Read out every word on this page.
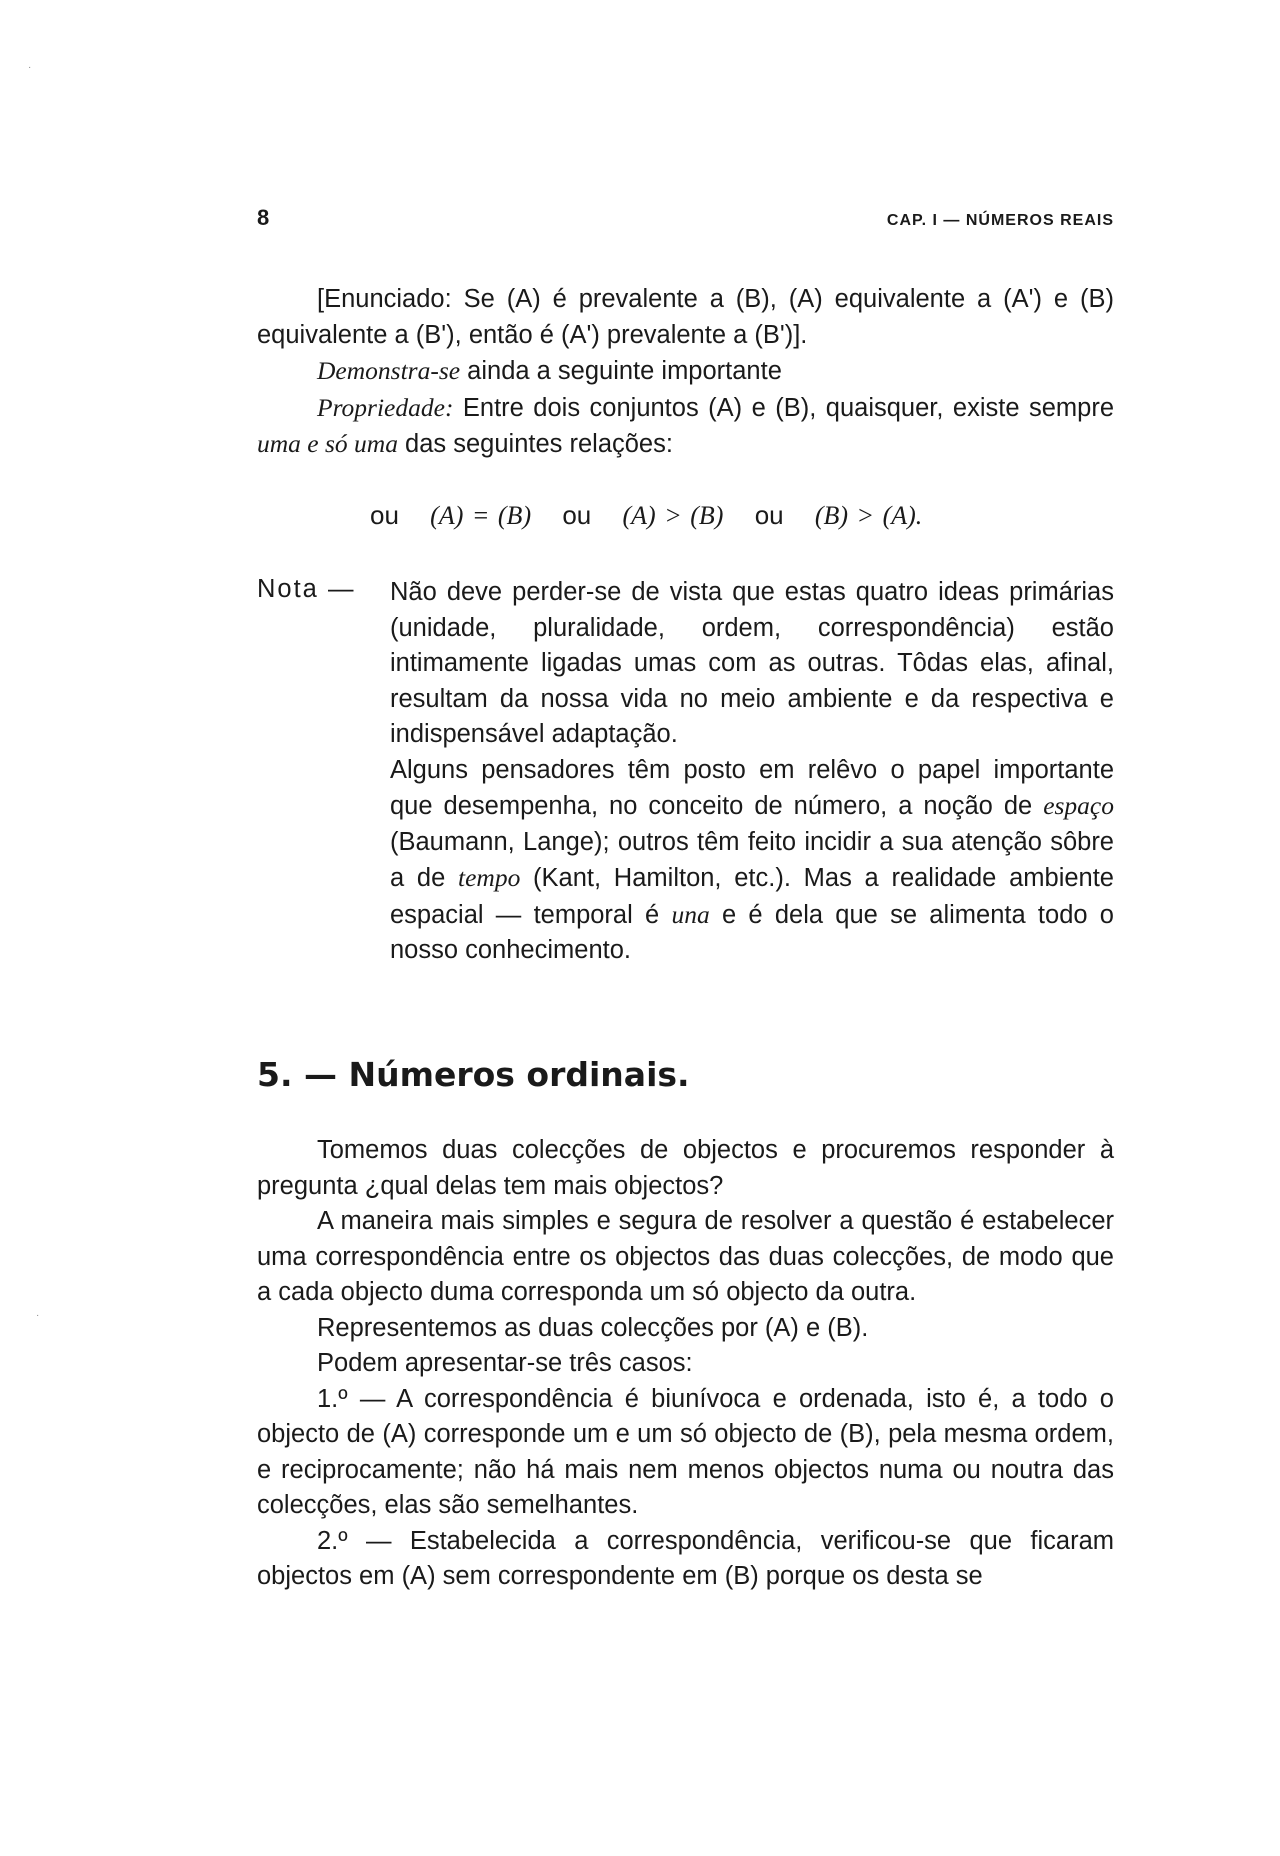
8	CAP. I — NÚMEROS REAIS

[Enunciado: Se (A) é prevalente a (B), (A) equivalente a (A') e (B) equivalente a (B'), então é (A') prevalente a (B')].

Demonstra-se ainda a seguinte importante

Propriedade: Entre dois conjuntos (A) e (B), quaisquer, existe sempre uma e só uma das seguintes relações:

ou (A) = (B) ou (A) > (B) ou (B) > (A).
Nota — Não deve perder-se de vista que estas quatro ideas primárias (unidade, pluralidade, ordem, correspondência) estão intimamente ligadas umas com as outras. Tôdas elas, afinal, resultam da nossa vida no meio ambiente e da respectiva e indispensável adaptação.

Alguns pensadores têm posto em relêvo o papel importante que desempenha, no conceito de número, a noção de espaço (Baumann, Lange); outros têm feito incidir a sua atenção sôbre a de tempo (Kant, Hamilton, etc.). Mas a realidade ambiente espacial — temporal é una e é dela que se alimenta todo o nosso conhecimento.

5. — Números ordinais.

Tomemos duas colecções de objectos e procuremos responder à pregunta ¿qual delas tem mais objectos?

A maneira mais simples e segura de resolver a questão é estabelecer uma correspondência entre os objectos das duas colecções, de modo que a cada objecto duma corresponda um só objecto da outra.

Representemos as duas colecções por (A) e (B).

Podem apresentar-se três casos:

1.º — A correspondência é biunívoca e ordenada, isto é, a todo o objecto de (A) corresponde um e um só objecto de (B), pela mesma ordem, e reciprocamente; não há mais nem menos objectos numa ou noutra das colecções, elas são semelhantes.

2.º — Estabelecida a correspondência, verificou-se que ficaram objectos em (A) sem correspondente em (B) porque os desta se

·
·
